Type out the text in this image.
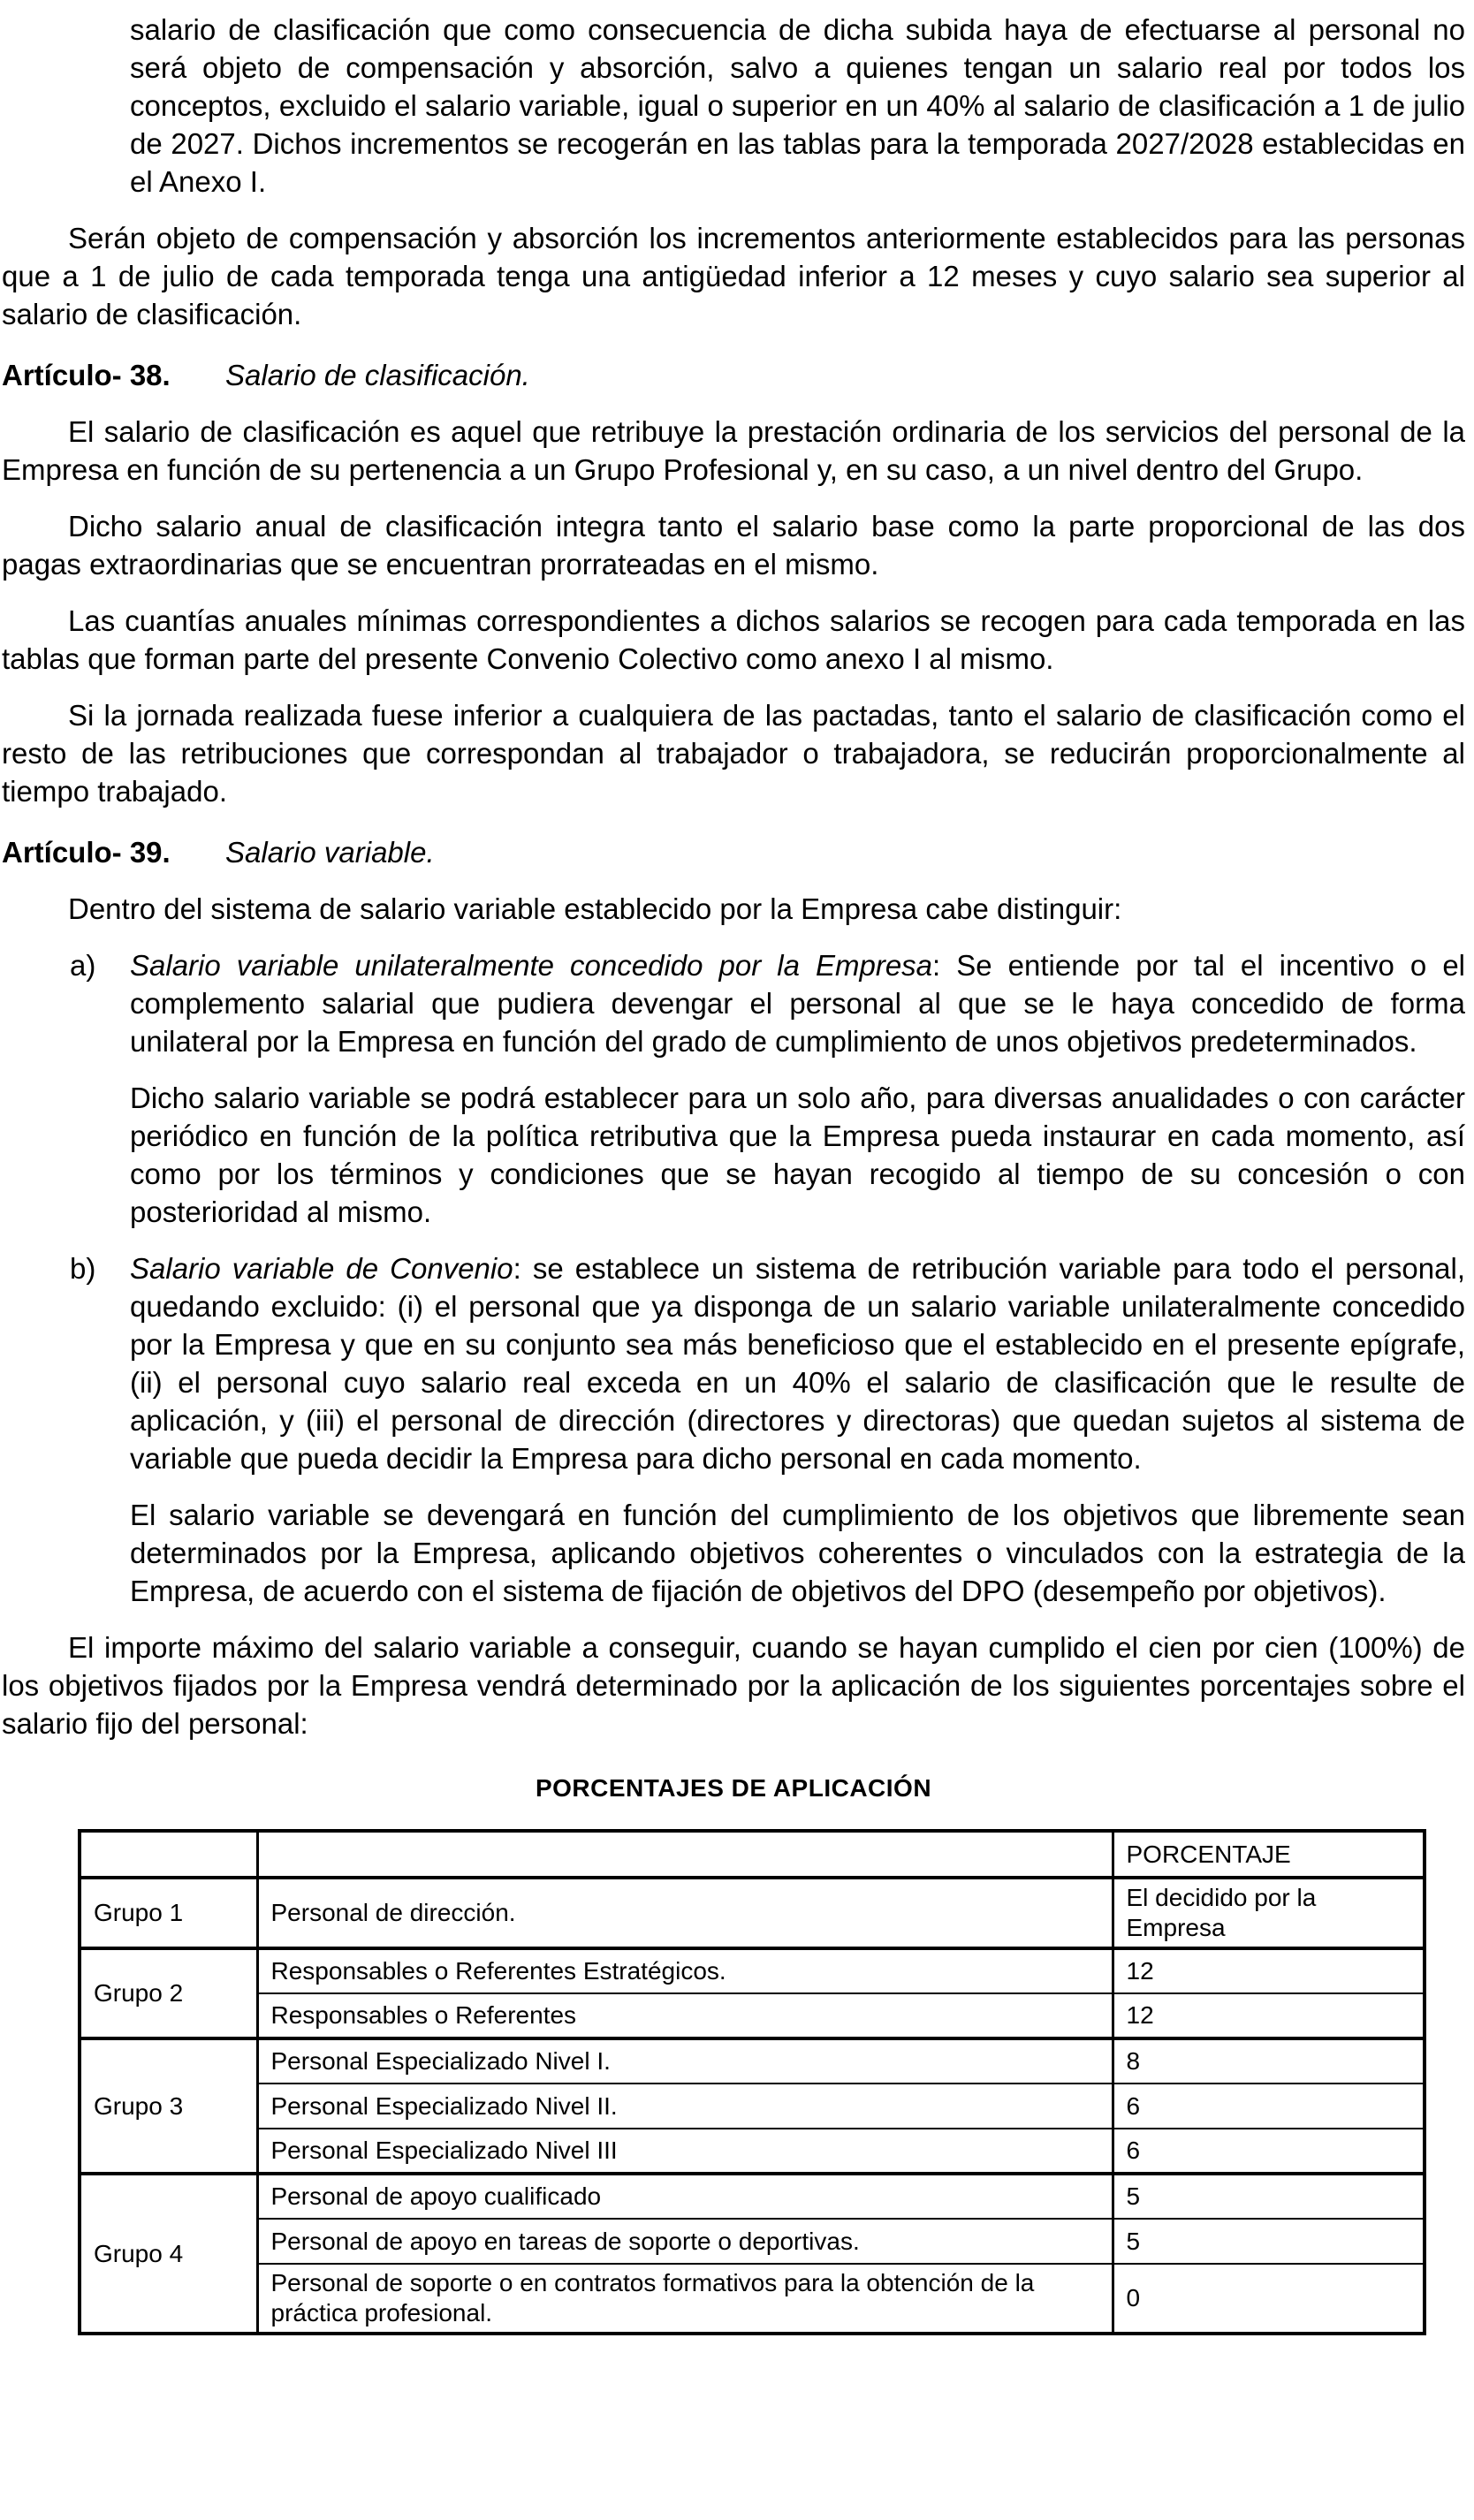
salario de clasificación que como consecuencia de dicha subida haya de efectuarse al personal no será objeto de compensación y absorción, salvo a quienes tengan un salario real por todos los conceptos, excluido el salario variable, igual o superior en un 40% al salario de clasificación a 1 de julio de 2027. Dichos incrementos se recogerán en las tablas para la temporada 2027/2028 establecidas en el Anexo I.

Serán objeto de compensación y absorción los incrementos anteriormente establecidos para las personas que a 1 de julio de cada temporada tenga una antigüedad inferior a 12 meses y cuyo salario sea superior al salario de clasificación.

Artículo- 38. Salario de clasificación.

El salario de clasificación es aquel que retribuye la prestación ordinaria de los servicios del personal de la Empresa en función de su pertenencia a un Grupo Profesional y, en su caso, a un nivel dentro del Grupo.

Dicho salario anual de clasificación integra tanto el salario base como la parte proporcional de las dos pagas extraordinarias que se encuentran prorrateadas en el mismo.

Las cuantías anuales mínimas correspondientes a dichos salarios se recogen para cada temporada en las tablas que forman parte del presente Convenio Colectivo como anexo I al mismo.

Si la jornada realizada fuese inferior a cualquiera de las pactadas, tanto el salario de clasificación como el resto de las retribuciones que correspondan al trabajador o trabajadora, se reducirán proporcionalmente al tiempo trabajado.

Artículo- 39. Salario variable.

Dentro del sistema de salario variable establecido por la Empresa cabe distinguir:

a) Salario variable unilateralmente concedido por la Empresa: Se entiende por tal el incentivo o el complemento salarial que pudiera devengar el personal al que se le haya concedido de forma unilateral por la Empresa en función del grado de cumplimiento de unos objetivos predeterminados.

Dicho salario variable se podrá establecer para un solo año, para diversas anualidades o con carácter periódico en función de la política retributiva que la Empresa pueda instaurar en cada momento, así como por los términos y condiciones que se hayan recogido al tiempo de su concesión o con posterioridad al mismo.

b) Salario variable de Convenio: se establece un sistema de retribución variable para todo el personal, quedando excluido: (i) el personal que ya disponga de un salario variable unilateralmente concedido por la Empresa y que en su conjunto sea más beneficioso que el establecido en el presente epígrafe, (ii) el personal cuyo salario real exceda en un 40% el salario de clasificación que le resulte de aplicación, y (iii) el personal de dirección (directores y directoras) que quedan sujetos al sistema de variable que pueda decidir la Empresa para dicho personal en cada momento.

El salario variable se devengará en función del cumplimiento de los objetivos que libremente sean determinados por la Empresa, aplicando objetivos coherentes o vinculados con la estrategia de la Empresa, de acuerdo con el sistema de fijación de objetivos del DPO (desempeño por objetivos).

El importe máximo del salario variable a conseguir, cuando se hayan cumplido el cien por cien (100%) de los objetivos fijados por la Empresa vendrá determinado por la aplicación de los siguientes porcentajes sobre el salario fijo del personal:

PORCENTAJES DE APLICACIÓN
		PORCENTAJE
Grupo 1	Personal de dirección.	El decidido por la Empresa
Grupo 2	Responsables o Referentes Estratégicos.	12
	Responsables o Referentes	12
Grupo 3	Personal Especializado Nivel I.	8
	Personal Especializado Nivel II.	6
	Personal Especializado Nivel III	6
Grupo 4	Personal de apoyo cualificado	5
	Personal de apoyo en tareas de soporte o deportivas.	5
	Personal de soporte o en contratos formativos para la obtención de la práctica profesional.	0
